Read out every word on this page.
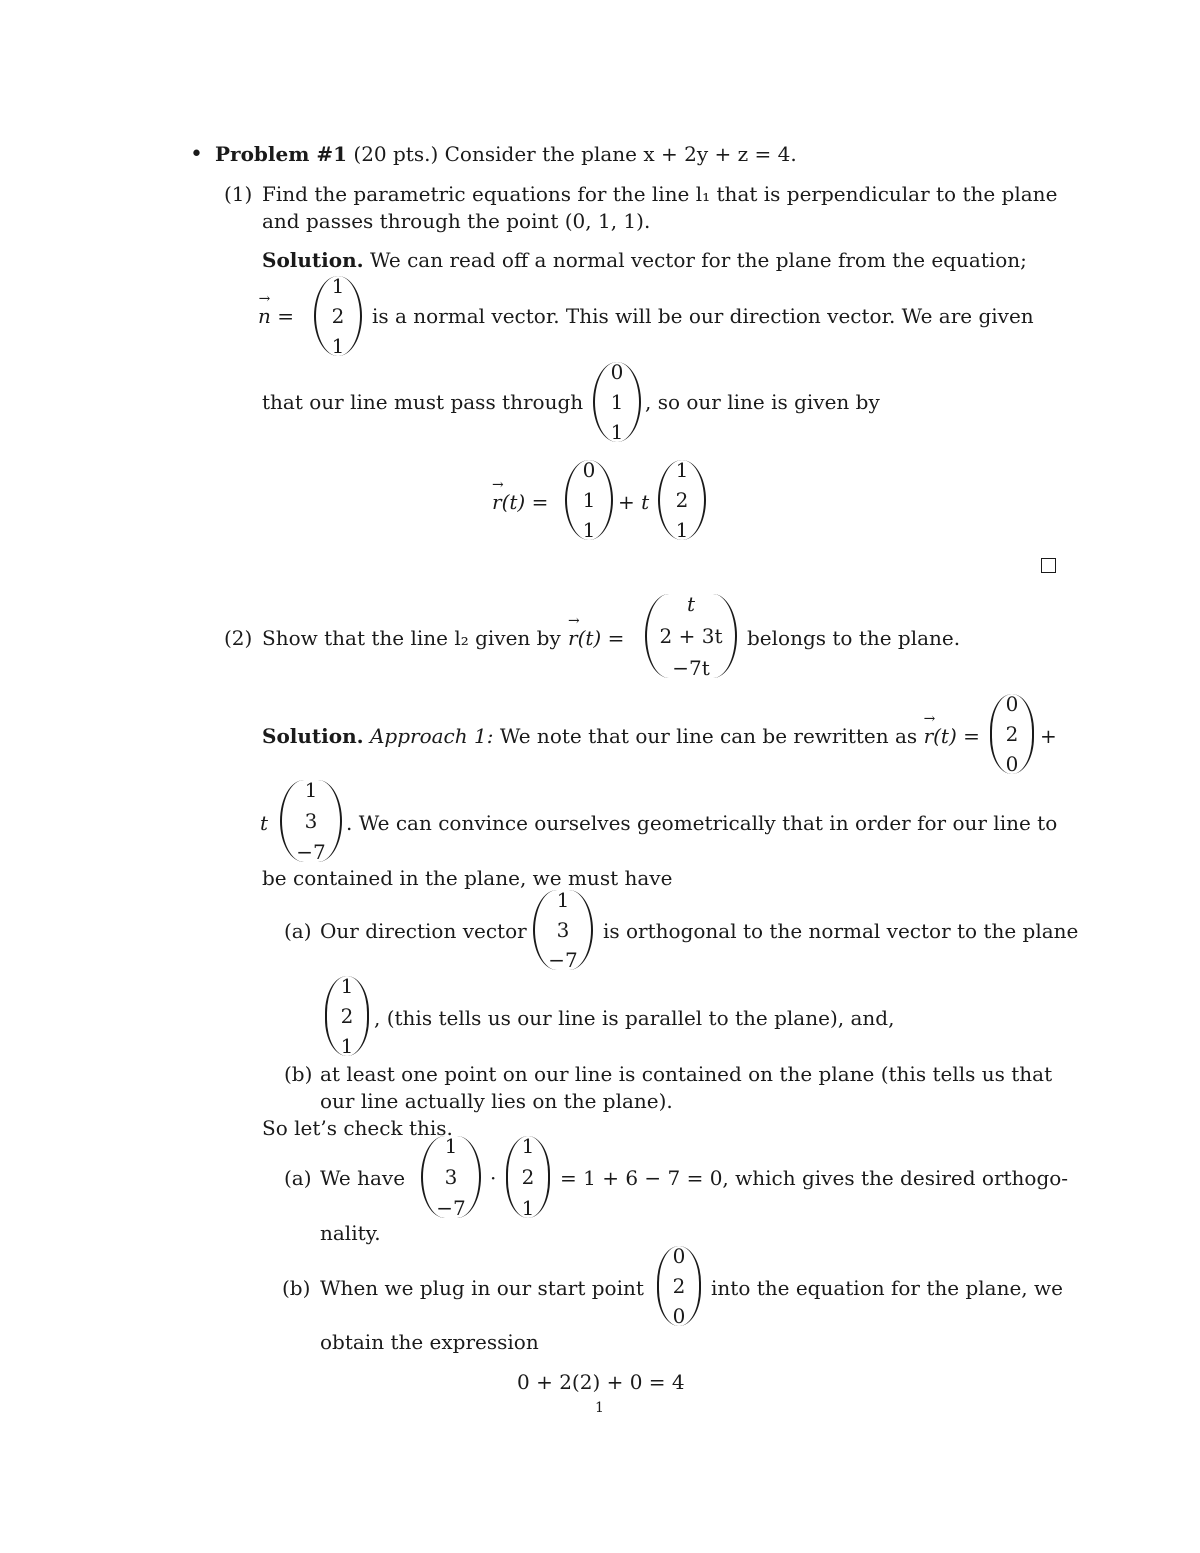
• Problem #1 (20 pts.) Consider the plane x + 2y + z = 4.
(1) Find the parametric equations for the line l₁ that is perpendicular to the plane
and passes through the point (0, 1, 1).
Solution. We can read off a normal vector for the plane from the equation;
→ n =
1
2
1
is a normal vector. This will be our direction vector. We are given
that our line must pass through
0
1
1
, so our line is given by
→ r(t) =
0
1
1
+ t
1
2
1
(2) Show that the line l₂ given by → r(t) =
t
2 + 3t
−7t
belongs to the plane.
Solution. Approach 1: We note that our line can be rewritten as → r(t) =
0
2
0
+
t
1
3
−7
. We can convince ourselves geometrically that in order for our line to
be contained in the plane, we must have
(a) Our direction vector
1
3
−7
is orthogonal to the normal vector to the plane
1
2
1
, (this tells us our line is parallel to the plane), and,
(b) at least one point on our line is contained on the plane (this tells us that
our line actually lies on the plane).
So let’s check this.
(a) We have
1
3
−7
·
1
2
1
= 1 + 6 − 7 = 0, which gives the desired orthogo-
nality.
(b) When we plug in our start point
0
2
0
into the equation for the plane, we
obtain the expression
0 + 2(2) + 0 = 4
1
